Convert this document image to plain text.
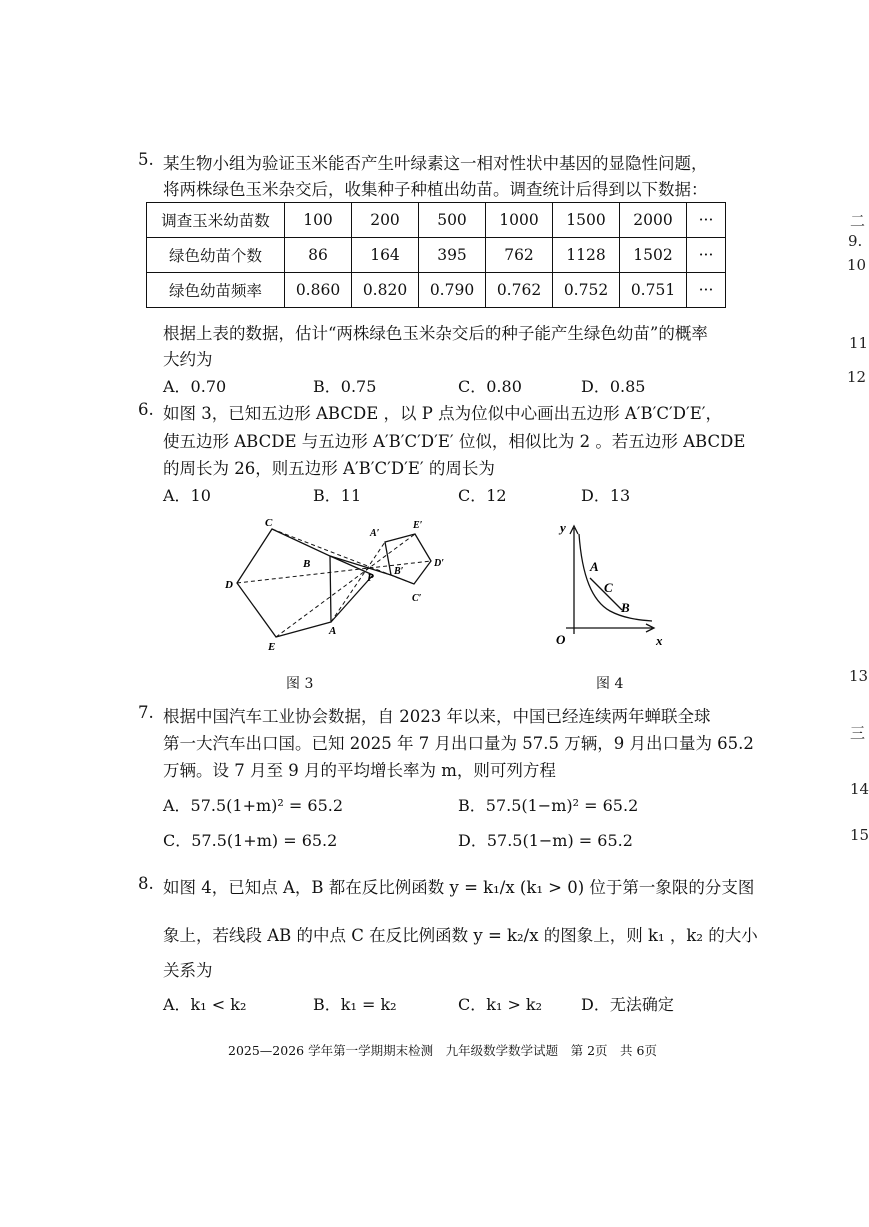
5. 某生物小组为验证玉米能否产生叶绿素这一相对性状中基因的显隐性问题，
将两株绿色玉米杂交后，收集种子种植出幼苗。调查统计后得到以下数据：
调查玉米幼苗数	100	200	500	1000	1500	2000	···
绿色幼苗个数	86	164	395	762	1128	1502	···
绿色幼苗频率	0.860	0.820	0.790	0.762	0.752	0.751	···
根据上表的数据，估计“两株绿色玉米杂交后的种子能产生绿色幼苗”的概率
大约为
A．0.70	B．0.75	C．0.80	D．0.85
6. 如图 3，已知五边形 ABCDE ，以 P 点为位似中心画出五边形 A′B′C′D′E′，
使五边形 ABCDE 与五边形 A′B′C′D′E′ 位似，相似比为 2 。若五边形 ABCDE
的周长为 26，则五边形 A′B′C′D′E′ 的周长为
A．10	B．11	C．12	D．13
C
B
D
E
A
P
A′
E′
D′
B′
C′
图 3
y
x
O
A
C
B
图 4
7. 根据中国汽车工业协会数据，自 2023 年以来，中国已经连续两年蝉联全球
第一大汽车出口国。已知 2025 年 7 月出口量为 57.5 万辆，9 月出口量为 65.2
万辆。设 7 月至 9 月的平均增长率为 m，则可列方程
A．57.5(1+m)² = 65.2	B．57.5(1−m)² = 65.2
C．57.5(1+m) = 65.2	D．57.5(1−m) = 65.2
8. 如图 4，已知点 A，B 都在反比例函数 y = k₁/x (k₁ > 0) 位于第一象限的分支图
象上，若线段 AB 的中点 C 在反比例函数 y = k₂/x 的图象上，则 k₁ ，k₂ 的大小
关系为
A．k₁ < k₂	B．k₁ = k₂	C．k₁ > k₂ D．无法确定
2025—2026 学年第一学期期末检测　九年级数学数学试题　第 2页　共 6页
二
9.
10
11
12
13
三
14
15
